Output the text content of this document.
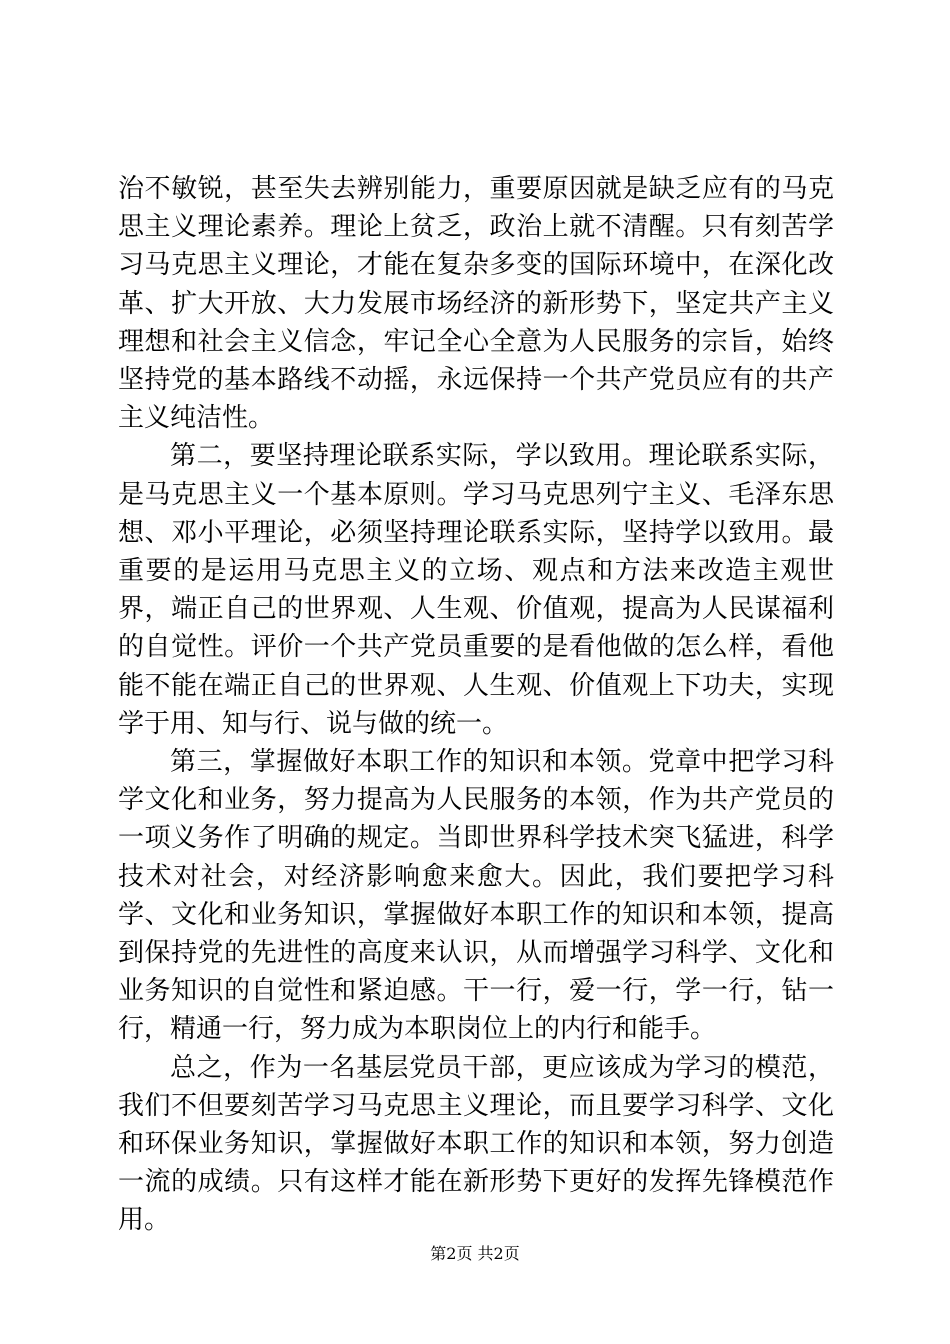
治不敏锐，甚至失去辨别能力，重要原因就是缺乏应有的马克思主义理论素养。理论上贫乏，政治上就不清醒。只有刻苦学习马克思主义理论，才能在复杂多变的国际环境中，在深化改革、扩大开放、大力发展市场经济的新形势下，坚定共产主义理想和社会主义信念，牢记全心全意为人民服务的宗旨，始终坚持党的基本路线不动摇，永远保持一个共产党员应有的共产主义纯洁性。

第二，要坚持理论联系实际，学以致用。理论联系实际，是马克思主义一个基本原则。学习马克思列宁主义、毛泽东思想、邓小平理论，必须坚持理论联系实际，坚持学以致用。最重要的是运用马克思主义的立场、观点和方法来改造主观世界，端正自己的世界观、人生观、价值观，提高为人民谋福利的自觉性。评价一个共产党员重要的是看他做的怎么样，看他能不能在端正自己的世界观、人生观、价值观上下功夫，实现学于用、知与行、说与做的统一。

第三，掌握做好本职工作的知识和本领。党章中把学习科学文化和业务，努力提高为人民服务的本领，作为共产党员的一项义务作了明确的规定。当即世界科学技术突飞猛进，科学技术对社会，对经济影响愈来愈大。因此，我们要把学习科学、文化和业务知识，掌握做好本职工作的知识和本领，提高到保持党的先进性的高度来认识，从而增强学习科学、文化和业务知识的自觉性和紧迫感。干一行，爱一行，学一行，钻一行，精通一行，努力成为本职岗位上的内行和能手。

总之，作为一名基层党员干部，更应该成为学习的模范，我们不但要刻苦学习马克思主义理论，而且要学习科学、文化和环保业务知识，掌握做好本职工作的知识和本领，努力创造一流的成绩。只有这样才能在新形势下更好的发挥先锋模范作用。

第2页 共2页
